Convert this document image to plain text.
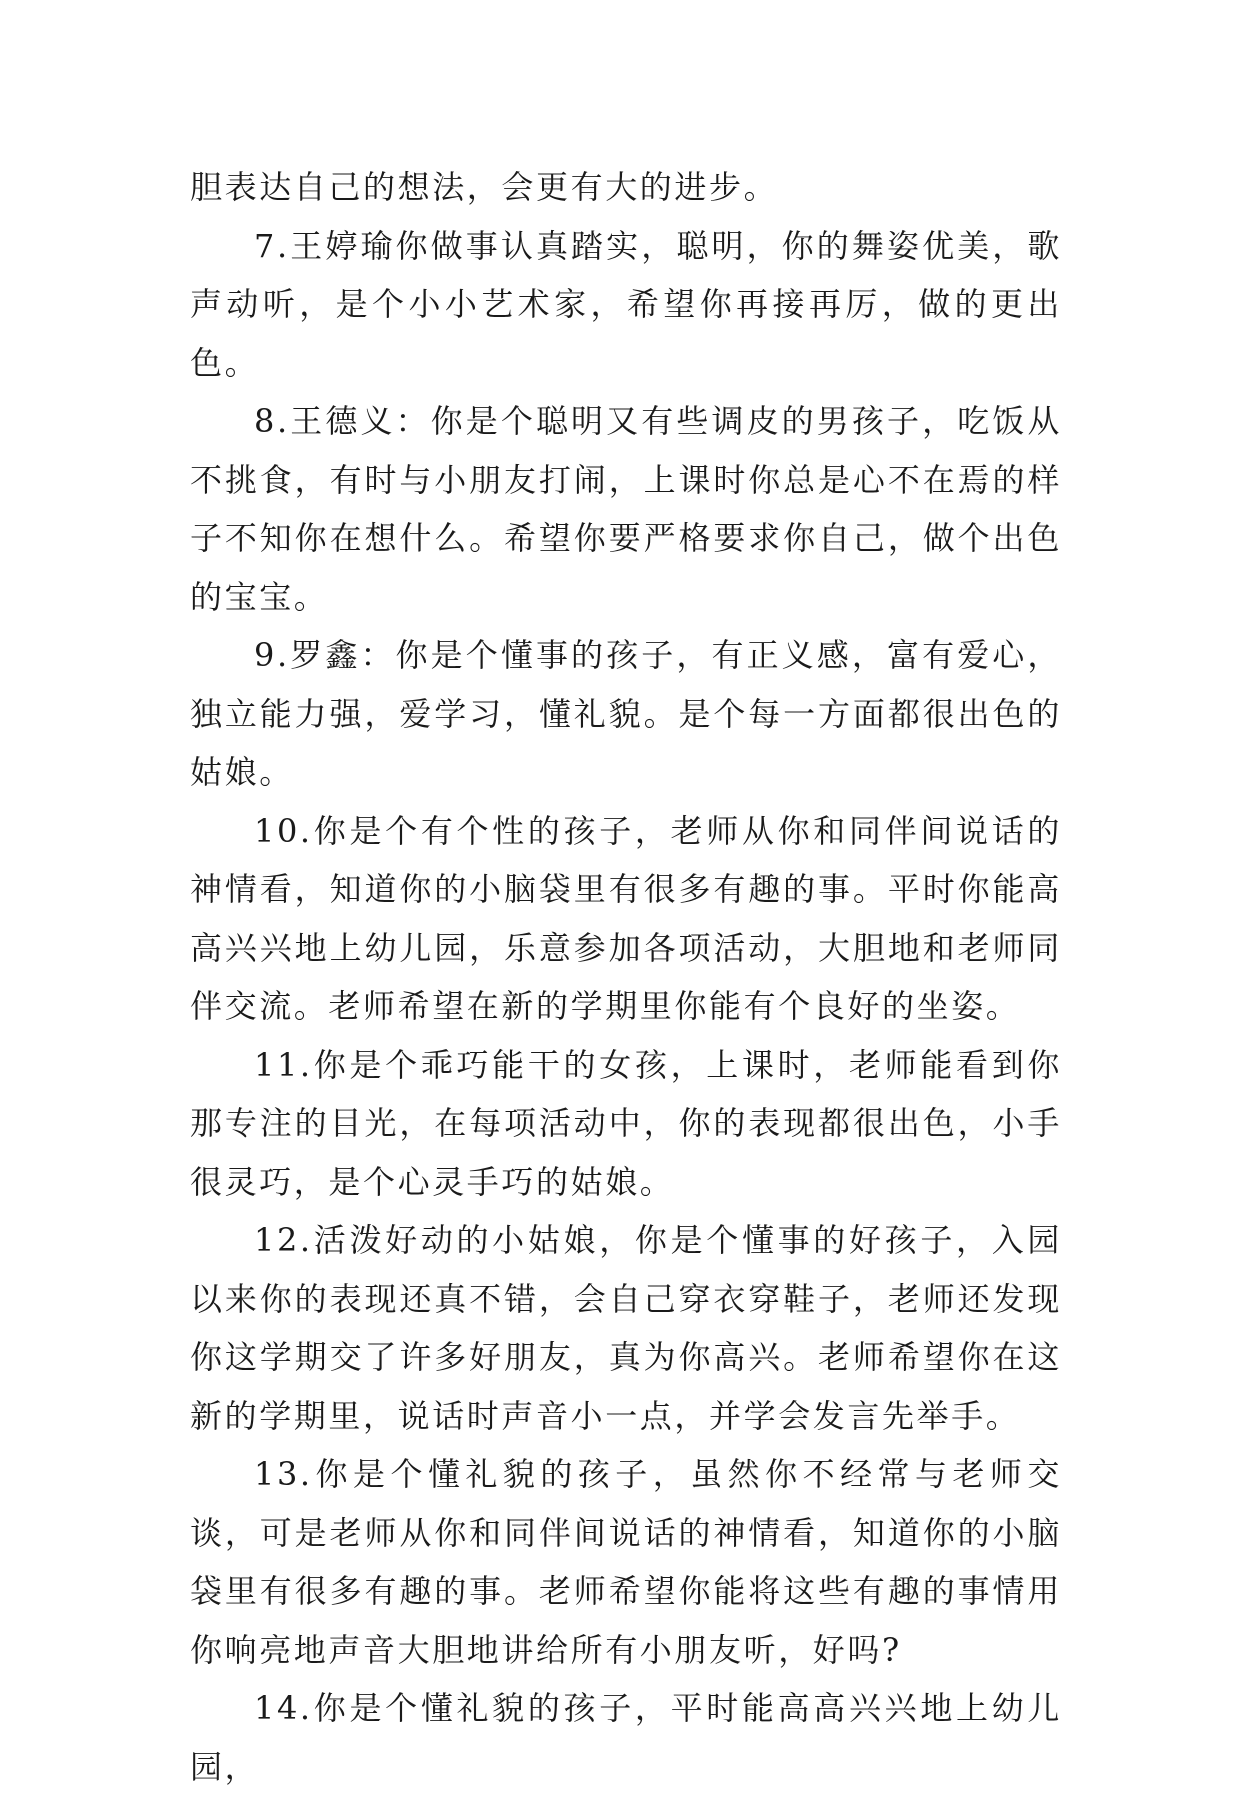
胆表达自己的想法，会更有大的进步。

7.王婷瑜你做事认真踏实，聪明，你的舞姿优美，歌声动听，是个小小艺术家，希望你再接再厉，做的更出色。

8.王德义：你是个聪明又有些调皮的男孩子，吃饭从不挑食，有时与小朋友打闹，上课时你总是心不在焉的样子不知你在想什么。希望你要严格要求你自己，做个出色的宝宝。

9.罗鑫：你是个懂事的孩子，有正义感，富有爱心，独立能力强，爱学习，懂礼貌。是个每一方面都很出色的姑娘。

10.你是个有个性的孩子，老师从你和同伴间说话的神情看，知道你的小脑袋里有很多有趣的事。平时你能高高兴兴地上幼儿园，乐意参加各项活动，大胆地和老师同伴交流。老师希望在新的学期里你能有个良好的坐姿。

11.你是个乖巧能干的女孩，上课时，老师能看到你那专注的目光，在每项活动中，你的表现都很出色，小手很灵巧，是个心灵手巧的姑娘。

12.活泼好动的小姑娘，你是个懂事的好孩子，入园以来你的表现还真不错，会自己穿衣穿鞋子，老师还发现你这学期交了许多好朋友，真为你高兴。老师希望你在这新的学期里，说话时声音小一点，并学会发言先举手。

13.你是个懂礼貌的孩子，虽然你不经常与老师交谈，可是老师从你和同伴间说话的神情看，知道你的小脑袋里有很多有趣的事。老师希望你能将这些有趣的事情用你响亮地声音大胆地讲给所有小朋友听，好吗?

14.你是个懂礼貌的孩子，平时能高高兴兴地上幼儿园，
